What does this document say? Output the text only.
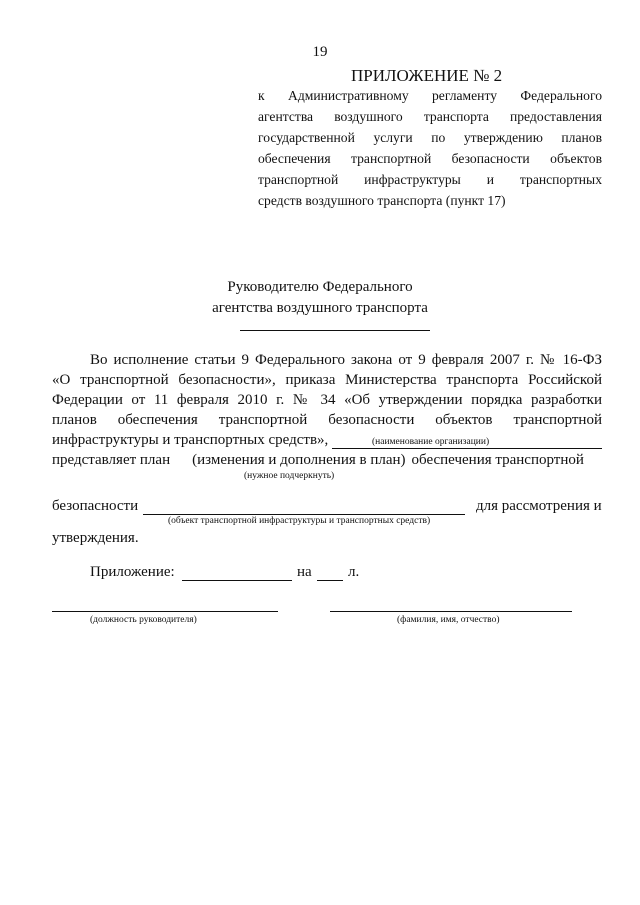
19
ПРИЛОЖЕНИЕ № 2
к Административному регламенту Федерального
агентства воздушного транспорта предоставления
государственной услуги по утверждению планов
обеспечения транспортной безопасности объектов
транспортной инфраструктуры и транспортных
средств воздушного транспорта (пункт 17)
Руководителю Федерального
агентства воздушного транспорта
Во исполнение статьи 9 Федерального закона от 9 февраля 2007 г. № 16-ФЗ
«О транспортной безопасности», приказа Министерства транспорта Российской
Федерации от 11 февраля 2010 г. № 34 «Об утверждении порядка разработки
планов обеспечения транспортной безопасности объектов транспортной
инфраструктуры и транспортных средств»,	(наименование организации)
представляет план (изменения и дополнения в план) обеспечения транспортной
(нужное подчеркнуть)
безопасности	для рассмотрения и
(объект транспортной инфраструктуры и транспортных средств)
утверждения.
Приложение:	на л.
(должность руководителя)	(фамилия, имя, отчество)
